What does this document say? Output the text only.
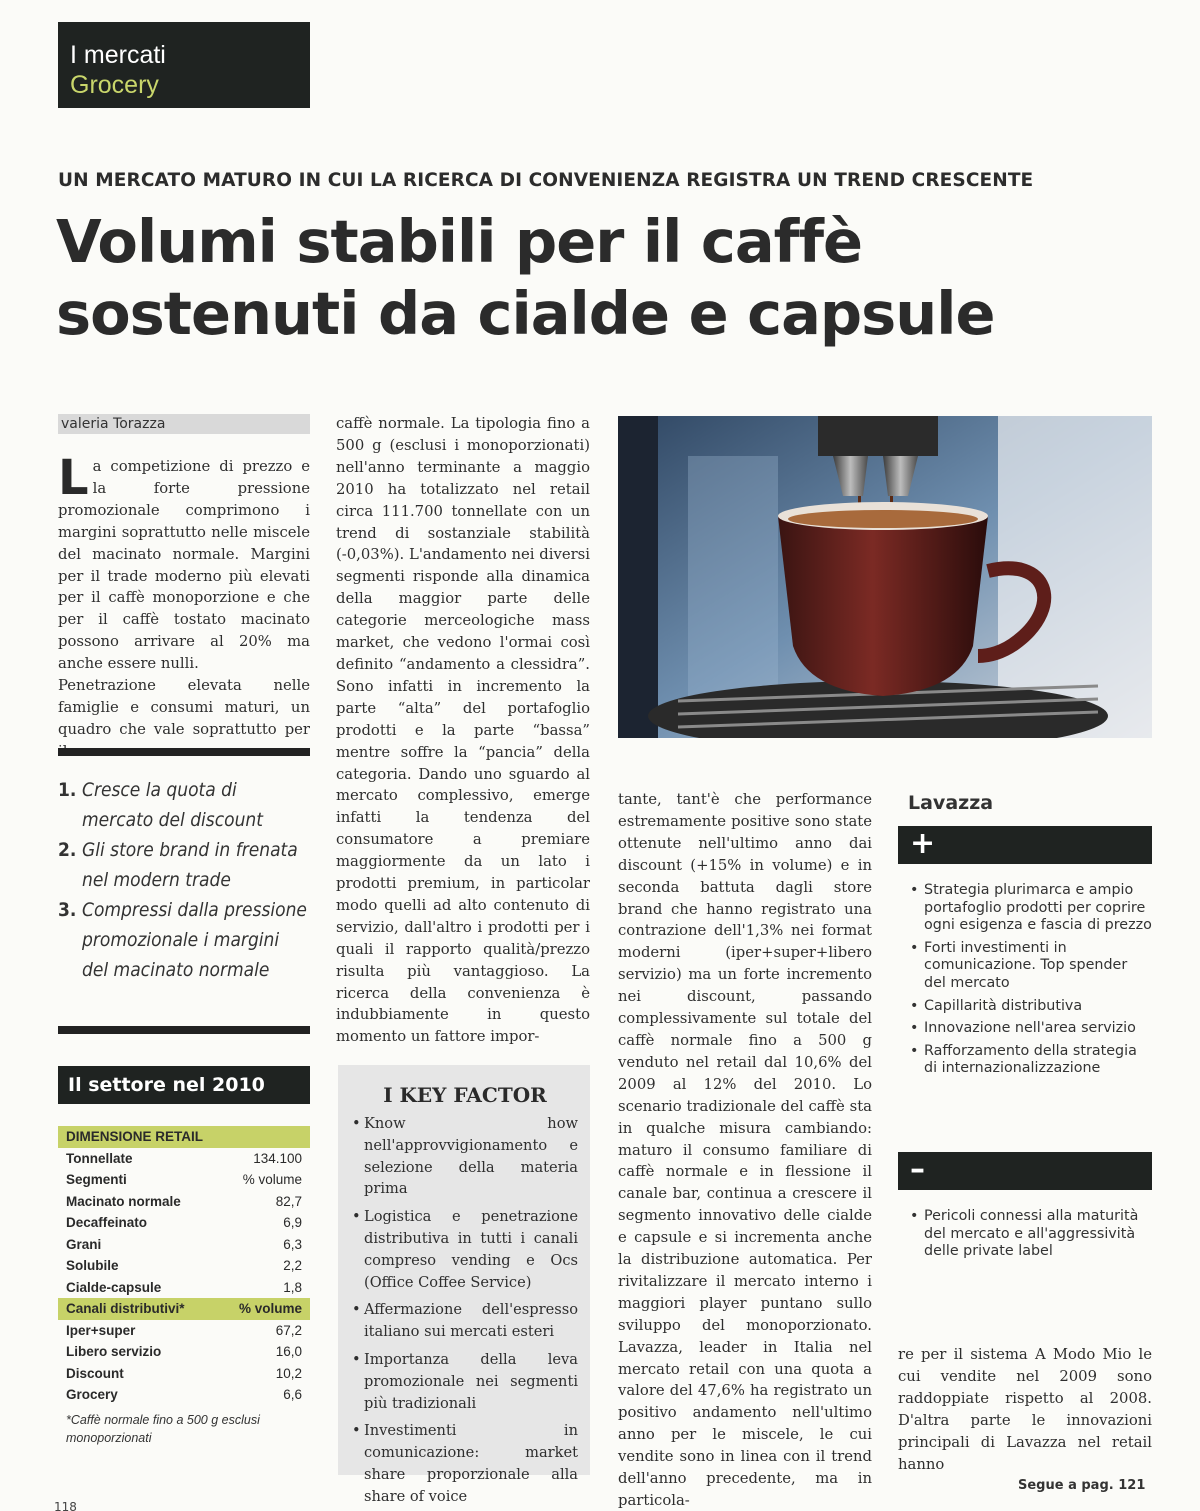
I mercati
Grocery
UN MERCATO MATURO IN CUI LA RICERCA DI CONVENIENZA REGISTRA UN TREND CRESCENTE
Volumi stabili per il caffè
sostenuti da cialde e capsule
valeria Torazza
L a competizione di prezzo e la forte pressione promozionale comprimono i margini soprattutto nelle miscele del macinato normale. Margini per il trade moderno più elevati per il caffè monoporzione e che per il caffè tostato macinato possono arrivare al 20% ma anche essere nulli.

Penetrazione elevata nelle famiglie e consumi maturi, un quadro che vale soprattutto per

1. Cresce la quota di mercato del discount
2. Gli store brand in frenata nel modern trade
3. Compressi dalla pressione promozionale i margini del macinato normale
Il settore nel 2010
DIMENSIONE RETAIL	
Tonnellate	134.100
Segmenti	% volume
Macinato normale	82,7
Decaffeinato	6,9
Grani	6,3
Solubile	2,2
Cialde-capsule	1,8
Canali distributivi*	% volume
Iper+super	67,2
Libero servizio	16,0
Discount	10,2
Grocery	6,6
*Caffè normale fino a 500 g esclusi monoporzionati

caffè normale. La tipologia fino a 500 g (esclusi i monoporzionati) nell'anno terminante a maggio 2010 ha totalizzato nel retail circa 111.700 tonnellate con un trend di sostanziale stabilità (-0,03%). L'andamento nei diversi segmenti risponde alla dinamica della maggior parte delle categorie merceologiche mass market, che vedono l'ormai così definito “andamento a clessidra”. Sono infatti in incremento la parte “alta” del portafoglio prodotti e la parte “bassa” mentre soffre la “pancia” della categoria. Dando uno sguardo al mercato complessivo, emerge infatti la tendenza del consumatore a premiare maggiormente da un lato i prodotti premium, in particolar modo quelli ad alto contenuto di servizio, dall'altro i prodotti per i quali il rapporto qualità/prezzo risulta più vantaggioso. La ricerca della convenienza è indubbiamente in questo momento un fattore impor-

I KEY FACTOR
• Know how nell'approvvigionamento e selezione della materia prima
• Logistica e penetrazione distributiva in tutti i canali compreso vending e Ocs (Office Coffee Service)
• Affermazione dell'espresso italiano sui mercati esteri
• Importanza della leva promozionale nei segmenti più tradizionali
• Investimenti in comunicazione: market share proporzionale alla share of voice

tante, tant'è che performance estremamente positive sono state ottenute nell'ultimo anno dai discount (+15% in volume) e in seconda battuta dagli store brand che hanno registrato una contrazione dell'1,3% nei format moderni (iper+super+libero servizio) ma un forte incremento nei discount, passando complessivamente sul totale del caffè normale fino a 500 g venduto nel retail dal 10,6% del 2009 al 12% del 2010. Lo scenario tradizionale del caffè sta in qualche misura cambiando: maturo il consumo familiare di caffè normale e in flessione il canale bar, continua a crescere il segmento innovativo delle cialde e capsule e si incrementa anche la distribuzione automatica. Per rivitalizzare il mercato interno i maggiori player puntano sullo sviluppo del monoporzionato. Lavazza, leader in Italia nel mercato retail con una quota a valore del 47,6% ha registrato un positivo andamento nell'ultimo anno per le miscele, le cui vendite sono in linea con il trend dell'anno precedente, ma in particola-

Lavazza
+
• Strategia plurimarca e ampio portafoglio prodotti per coprire ogni esigenza e fascia di prezzo
• Forti investimenti in comunicazione. Top spender del mercato
• Capillarità distributiva
• Innovazione nell'area servizio
• Rafforzamento della strategia di internazionalizzazione
–
• Pericoli connessi alla maturità del mercato e all'aggressività delle private label

re per il sistema A Modo Mio le cui vendite nel 2009 sono raddoppiate rispetto al 2008. D'altra parte le innovazioni principali di Lavazza nel retail hanno

Segue a pag. 121
118
